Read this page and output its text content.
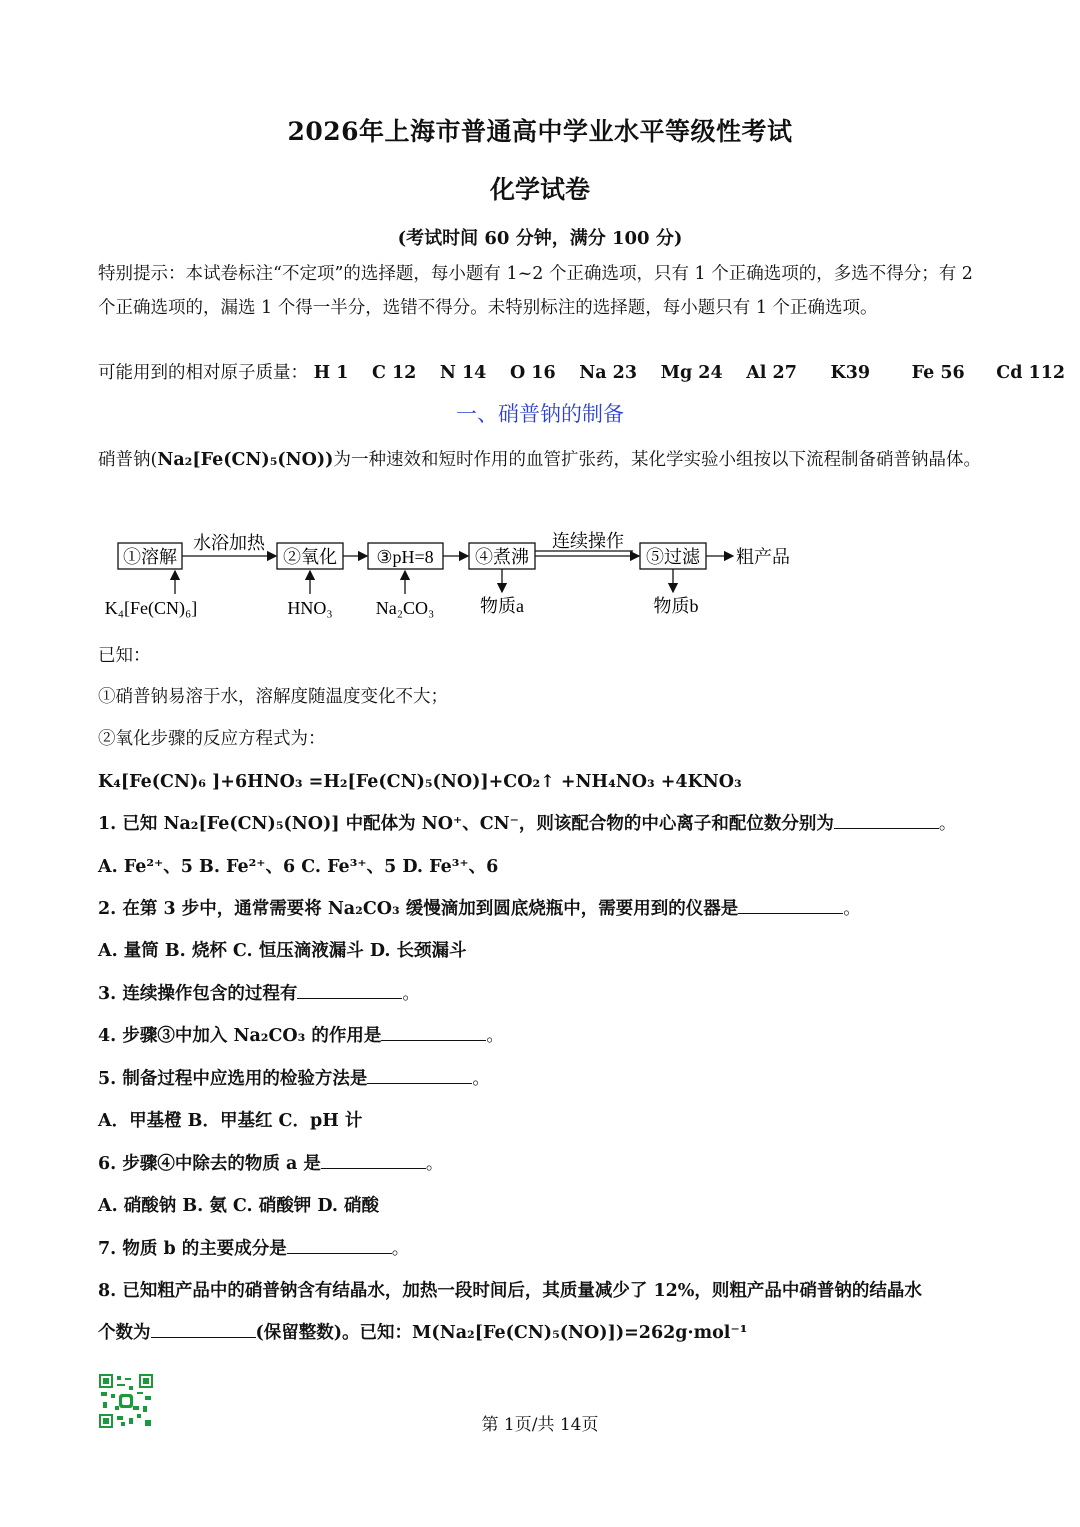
2026年上海市普通高中学业水平等级性考试
化学试卷
(考试时间 60 分钟，满分 100 分)
特别提示：本试卷标注“不定项”的选择题，每小题有 1~2 个正确选项，只有 1 个正确选项的，多选不得分；有 2 个正确选项的，漏选 1 个得一半分，选错不得分。未特别标注的选择题，每小题只有 1 个正确选项。
可能用到的相对原子质量： H 1 C 12 N 14 O 16 Na 23 Mg 24 Al 27 K39 Fe 56 Cd 112
一、硝普钠的制备
硝普钠(Na₂[Fe(CN)₅(NO))为一种速效和短时作用的血管扩张药，某化学实验小组按以下流程制备硝普钠晶体。
①溶解	②氧化 ③pH=8 ④煮沸	⑤过滤
水浴加热	连续操作
粗产品
K₄[Fe(CN)₆]	HNO₃ Na₂CO₃	物质a	物质b
已知：
①硝普钠易溶于水，溶解度随温度变化不大；
②氧化步骤的反应方程式为：
K₄[Fe(CN)₆ ]+6HNO₃ =H₂[Fe(CN)₅(NO)]+CO₂↑ +NH₄NO₃ +4KNO₃
1. 已知 Na₂[Fe(CN)₅(NO)] 中配体为 NO⁺、CN⁻，则该配合物的中心离子和配位数分别为	。
A. Fe²⁺、5 B. Fe²⁺、6 C. Fe³⁺、5 D. Fe³⁺、6
2. 在第 3 步中，通常需要将 Na₂CO₃ 缓慢滴加到圆底烧瓶中，需要用到的仪器是	。
A. 量筒 B. 烧杯 C. 恒压滴液漏斗 D. 长颈漏斗
3. 连续操作包含的过程有	。
4. 步骤③中加入 Na₂CO₃ 的作用是	。
5. 制备过程中应选用的检验方法是	。
A．甲基橙 B．甲基红 C．pH 计
6. 步骤④中除去的物质 a 是	。
A. 硝酸钠 B. 氨 C. 硝酸钾 D. 硝酸
7. 物质 b 的主要成分是	。
8. 已知粗产品中的硝普钠含有结晶水，加热一段时间后，其质量减少了 12%，则粗产品中硝普钠的结晶水
个数为	(保留整数)。已知：M(Na₂[Fe(CN)₅(NO)])=262g·mol⁻¹
第 1页/共 14页
